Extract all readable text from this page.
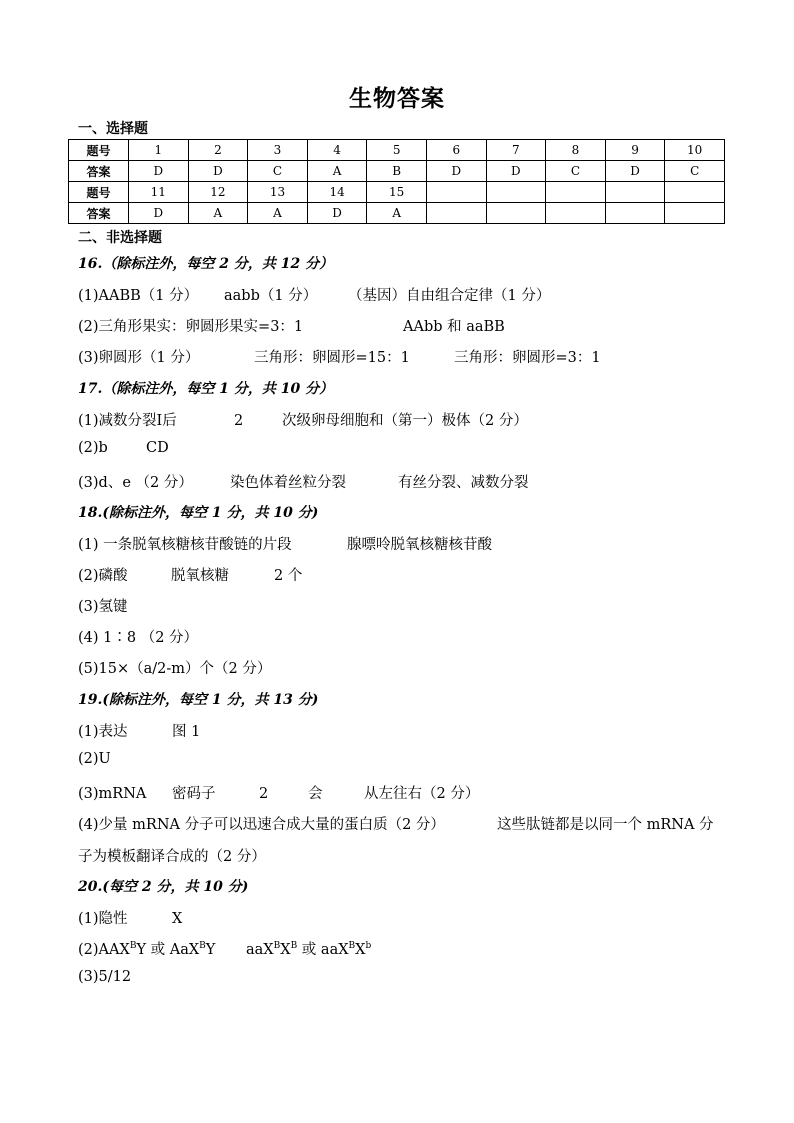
生物答案
一、选择题
题号	1	2	3	4	5	6	7	8	9	10
答案	D	D	C	A	B	D	D	C	D	C
题号	11	12	13	14	15					
答案	D	A	A	D	A					
二、非选择题
16.（除标注外，每空 2 分，共 12 分）
(1)AABB（1 分） aabb（1 分） （基因）自由组合定律（1 分）
(2)三角形果实：卵圆形果实=3：1	AAbb 和 aaBB
(3)卵圆形（1 分）	三角形：卵圆形=15：1	三角形：卵圆形=3：1
17.（除标注外，每空 1 分，共 10 分）
(1)减数分裂Ⅰ后	2	次级卵母细胞和（第一）极体（2 分）
(2)b	CD
(3)d、e （2 分）	染色体着丝粒分裂	有丝分裂、减数分裂
18.(除标注外，每空 1 分，共 10 分)
(1) 一条脱氧核糖核苷酸链的片段	腺嘌呤脱氧核糖核苷酸
(2)磷酸	脱氧核糖	2 个
(3)氢键
(4) 1∶8 （2 分）
(5)15×（a/2-m）个（2 分）
19.(除标注外，每空 1 分，共 13 分)
(1)表达	图 1
(2)U
(3)mRNA 密码子	2	会	从左往右（2 分）
(4)少量 mRNA 分子可以迅速合成大量的蛋白质（2 分）	这些肽链都是以同一个 mRNA 分
子为模板翻译合成的（2 分）
20.(每空 2 分，共 10 分)
(1)隐性	X
$(2)AAX^BY$ 或 AaX$^B$Y $aaX^BX^B$ 或 $aaX^BX^b$
(3)5/12
